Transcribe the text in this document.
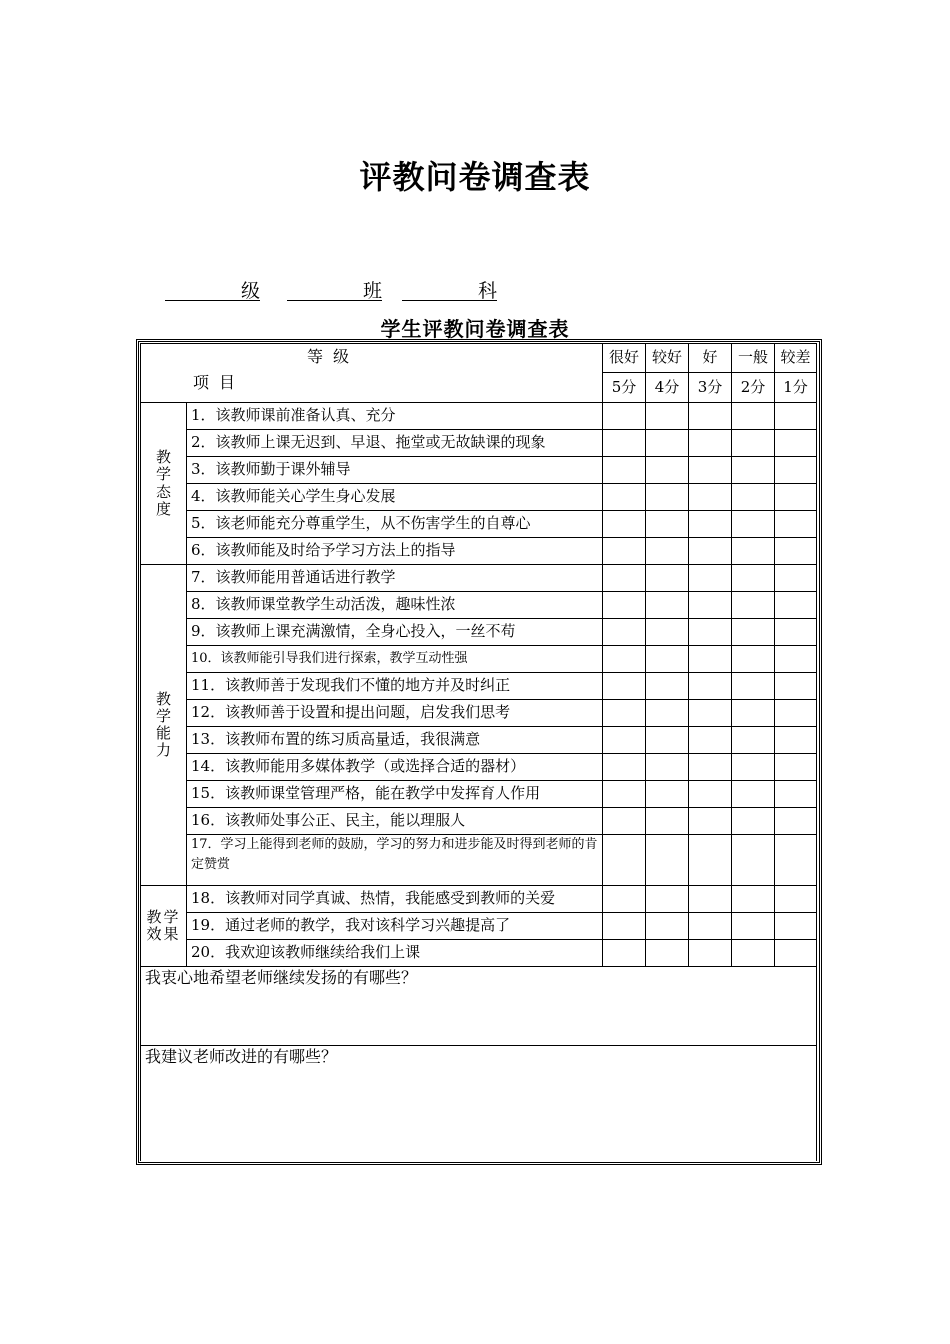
评教问卷调查表
级	班	科
学生评教问卷调查表
等级
项目		很好	较好	好	一般	较差
		5分	4分	3分	2分	1分
教学态度	1．该教师课前准备认真、充分					
	2．该教师上课无迟到、早退、拖堂或无故缺课的现象					
	3．该教师勤于课外辅导					
	4．该教师能关心学生身心发展					
	5．该老师能充分尊重学生，从不伤害学生的自尊心					
	6．该教师能及时给予学习方法上的指导					
教学能力	7．该教师能用普通话进行教学					
	8．该教师课堂教学生动活泼，趣味性浓					
	9．该教师上课充满激情，全身心投入，一丝不苟					
	10．该教师能引导我们进行探索，教学互动性强					
	11．该教师善于发现我们不懂的地方并及时纠正					
	12．该教师善于设置和提出问题，启发我们思考					
	13．该教师布置的练习质高量适，我很满意					
	14．该教师能用多媒体教学（或选择合适的器材）					
	15．该教师课堂管理严格，能在教学中发挥育人作用					
	16．该教师处事公正、民主，能以理服人					
	17．学习上能得到老师的鼓励，学习的努力和进步能及时得到老师的肯定赞赏					
教学效果	18．该教师对同学真诚、热情，我能感受到教师的关爱					
	19．通过老师的教学，我对该科学习兴趣提高了					
	20．我欢迎该教师继续给我们上课					
我衷心地希望老师继续发扬的有哪些？						
我建议老师改进的有哪些？						
